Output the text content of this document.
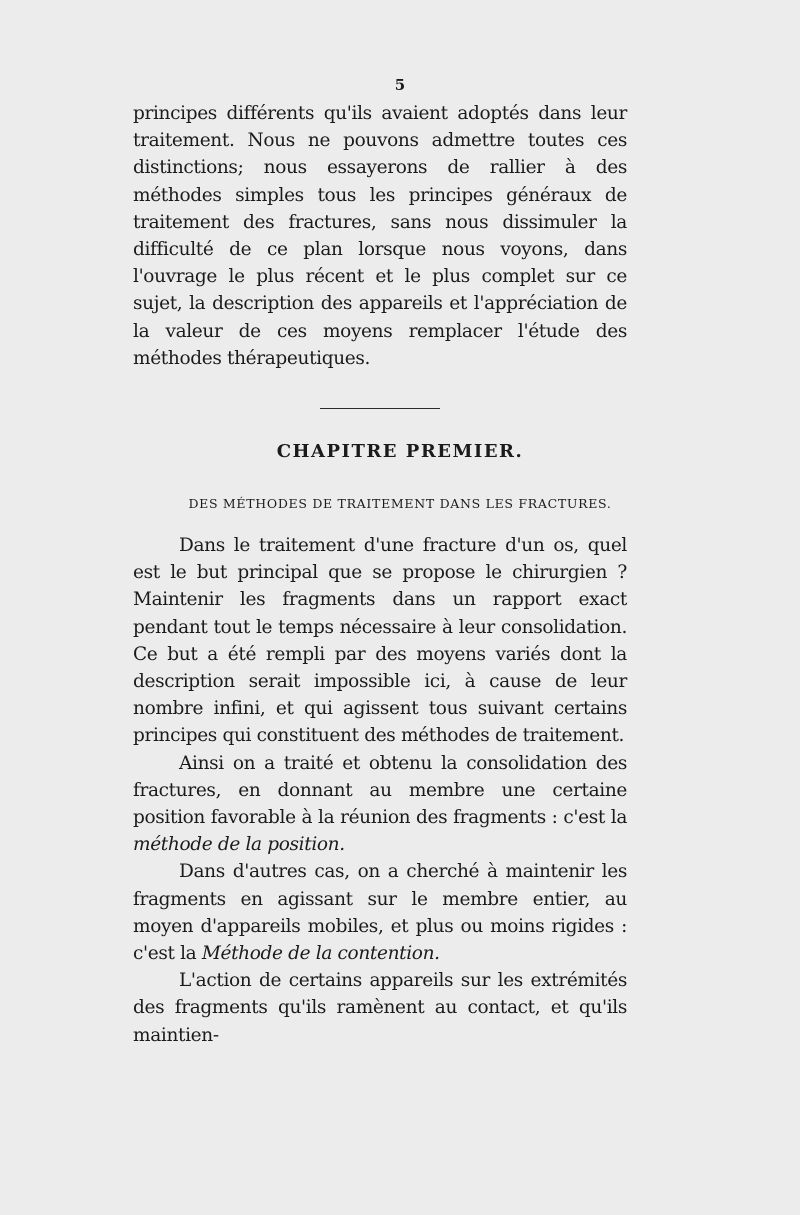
5

principes différents qu'ils avaient adoptés dans leur traitement. Nous ne pouvons admettre toutes ces distinctions; nous essayerons de rallier à des méthodes simples tous les principes généraux de traitement des fractures, sans nous dissimuler la difficulté de ce plan lorsque nous voyons, dans l'ouvrage le plus récent et le plus complet sur ce sujet, la description des appareils et l'appréciation de la valeur de ces moyens remplacer l'étude des méthodes thérapeutiques.

CHAPITRE PREMIER.
DES MÉTHODES DE TRAITEMENT DANS LES FRACTURES.

Dans le traitement d'une fracture d'un os, quel est le but principal que se propose le chirurgien ? Maintenir les fragments dans un rapport exact pendant tout le temps nécessaire à leur consolidation. Ce but a été rempli par des moyens variés dont la description serait impossible ici, à cause de leur nombre infini, et qui agissent tous suivant certains principes qui constituent des méthodes de traitement.

Ainsi on a traité et obtenu la consolidation des fractures, en donnant au membre une certaine position favorable à la réunion des fragments : c'est la méthode de la position.

Dans d'autres cas, on a cherché à maintenir les fragments en agissant sur le membre entier, au moyen d'appareils mobiles, et plus ou moins rigides : c'est la Méthode de la contention.

L'action de certains appareils sur les extrémités des fragments qu'ils ramènent au contact, et qu'ils maintien-
